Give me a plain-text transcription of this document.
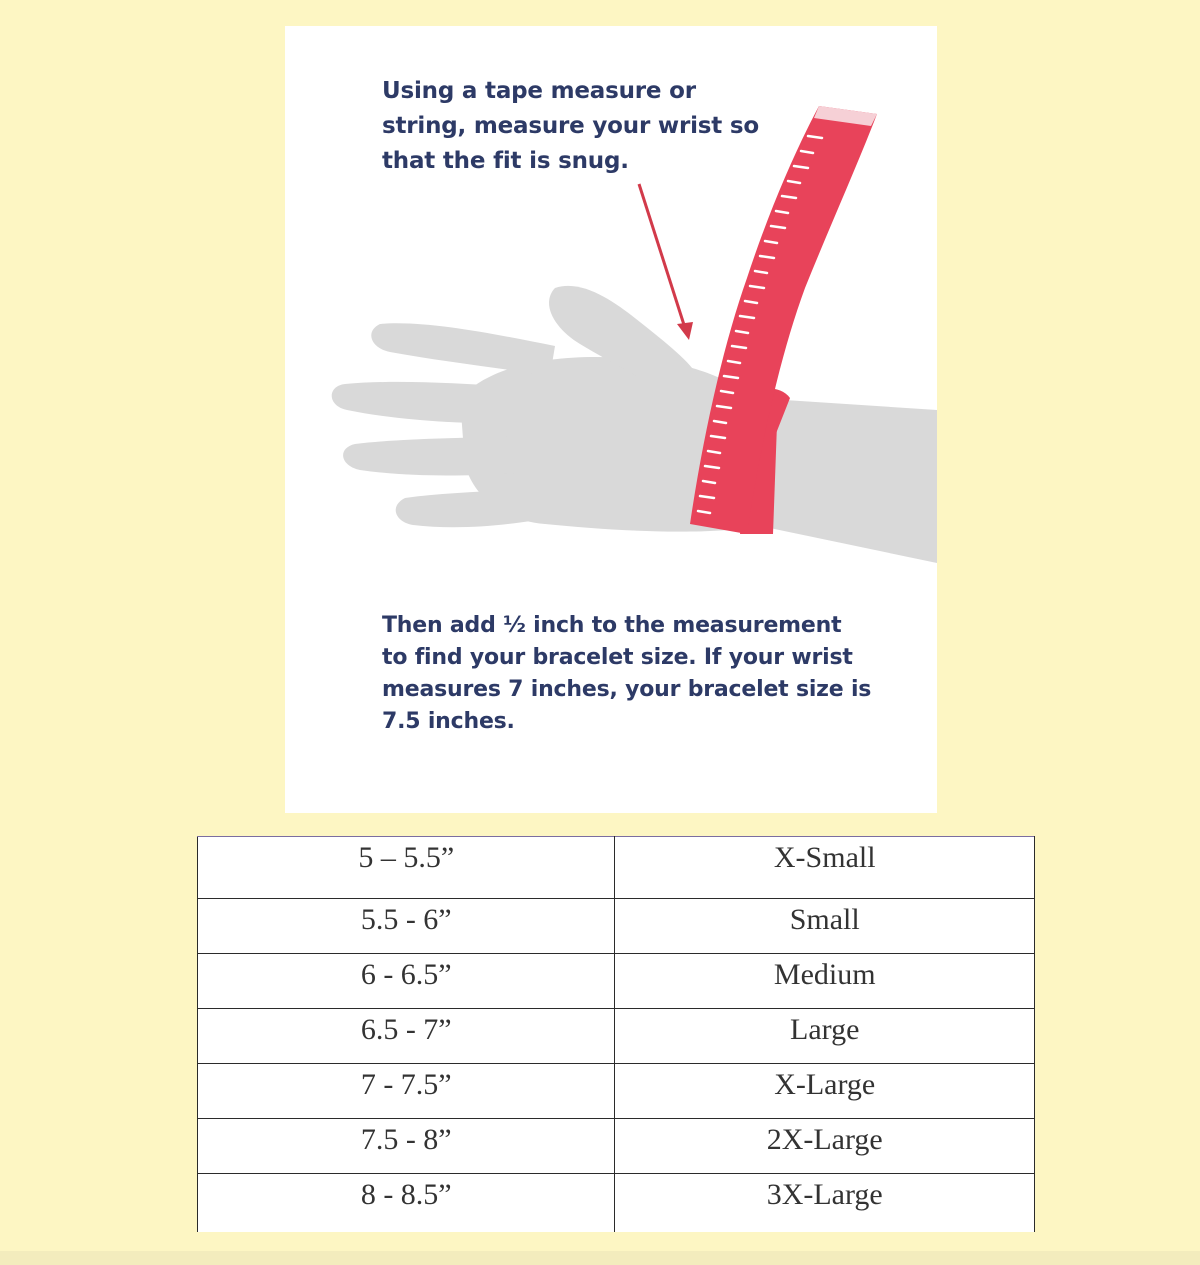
Using a tape measure or
string, measure your wrist so
that the fit is snug.

Then add ½ inch to the measurement
to find your bracelet size. If your wrist
measures 7 inches, your bracelet size is
7.5 inches.

5 – 5.5”	X-Small
5.5 - 6”	Small
6 - 6.5”	Medium
6.5 - 7”	Large
7 - 7.5”	X-Large
7.5 - 8”	2X-Large
8 - 8.5”	3X-Large
